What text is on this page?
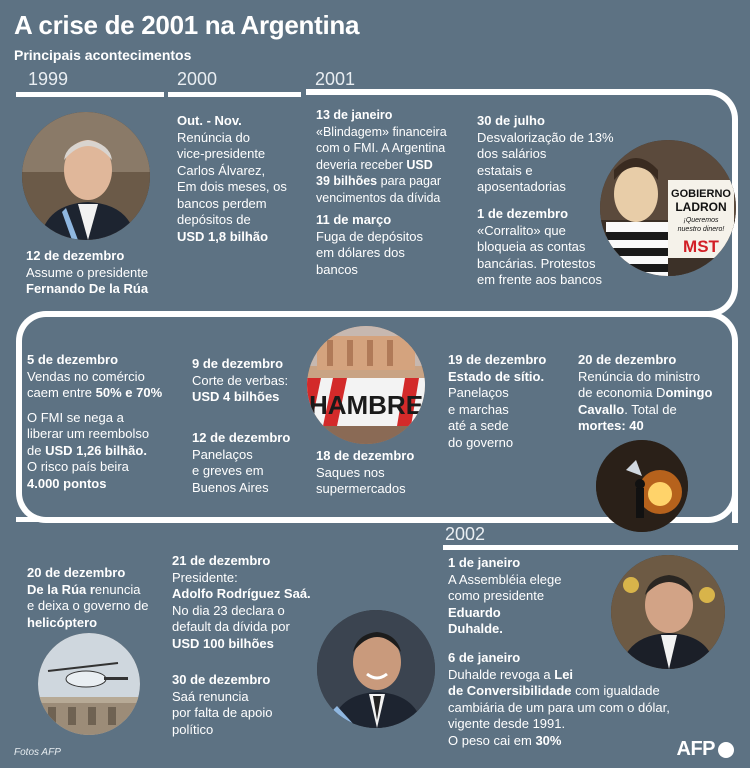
A crise de 2001 na Argentina
Principais acontecimentos
1999	2000	2001
2002
GOBIERNO
LADRON
¡Queremos
nuestro dinero!
MST
HAMBRE
12 de dezembro
Assume o presidente
Fernando De la Rúa
Out. - Nov.
Renúncia do
vice-presidente
Carlos Álvarez,
Em dois meses, os
bancos perdem
depósitos de
USD 1,8 bilhão
13 de janeiro
«Blindagem» financeira
com o FMI. A Argentina
deveria receber USD
39 bilhões para pagar
vencimentos da dívida
11 de março
Fuga de depósitos
em dólares dos
bancos
30 de julho
Desvalorização de 13%
dos salários
estatais e
aposentadorias
1 de dezembro
«Corralito» que
bloqueia as contas
bancárias. Protestos
em frente aos bancos
5 de dezembro
Vendas no comércio
caem entre 50% e 70%
O FMI se nega a
liberar um reembolso
de USD 1,26 bilhão.
O risco país beira
4.000 pontos
9 de dezembro
Corte de verbas:
USD 4 bilhões
12 de dezembro
Panelaços
e greves em
Buenos Aires
18 de dezembro
Saques nos
supermercados
19 de dezembro
Estado de sítio.
Panelaços
e marchas
até a sede
do governo
20 de dezembro
Renúncia do ministro
de economia Domingo
Cavallo. Total de
mortes: 40
20 de dezembro
De la Rúa renuncia
e deixa o governo de
helicóptero
21 de dezembro
Presidente:
Adolfo Rodríguez Saá.
No dia 23 declara o
default da dívida por
USD 100 bilhões
30 de dezembro
Saá renuncia
por falta de apoio
político
1 de janeiro
A Assembléia elege
como presidente
Eduardo
Duhalde.
6 de janeiro
Duhalde revoga a Lei
de Conversibilidade com igualdade
cambiária de um para um com o dólar,
vigente desde 1991.
O peso cai em 30%
Fotos AFP	AFP
